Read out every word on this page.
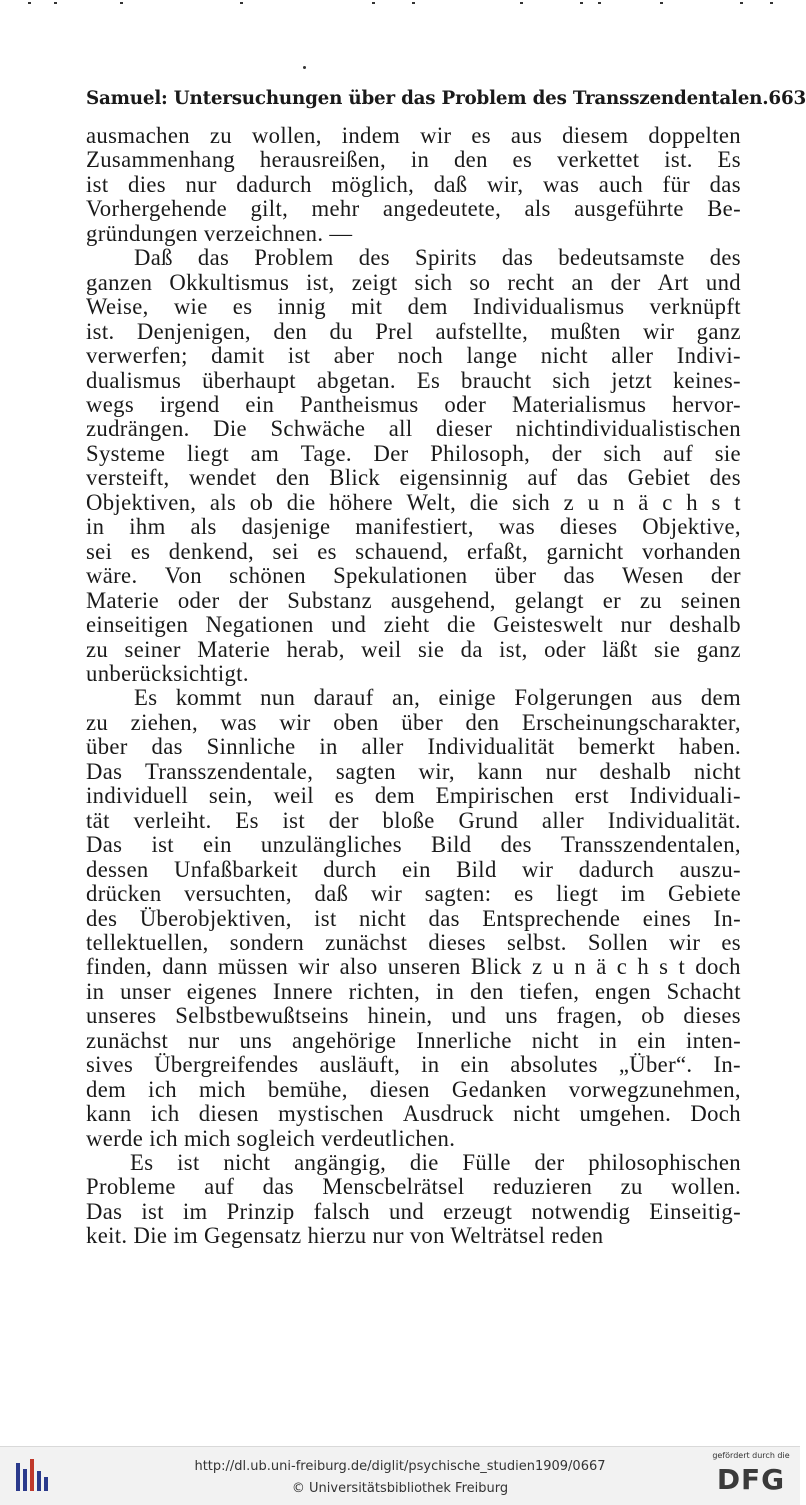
Samuel: Untersuchungen über das Problem des Transszendentalen. 663
ausmachen zu wollen, indem wir es aus diesem doppelten
Zusammenhang herausreißen, in den es verkettet ist. Es
ist dies nur dadurch möglich, daß wir, was auch für das
Vorhergehende gilt, mehr angedeutete, als ausgeführte Be-
gründungen verzeichnen. —
Daß das Problem des Spirits das bedeutsamste des
ganzen Okkultismus ist, zeigt sich so recht an der Art und
Weise, wie es innig mit dem Individualismus verknüpft
ist. Denjenigen, den du Prel aufstellte, mußten wir ganz
verwerfen; damit ist aber noch lange nicht aller Indivi-
dualismus überhaupt abgetan. Es braucht sich jetzt keines-
wegs irgend ein Pantheismus oder Materialismus hervor-
zudrängen. Die Schwäche all dieser nichtindividualistischen
Systeme liegt am Tage. Der Philosoph, der sich auf sie
versteift, wendet den Blick eigensinnig auf das Gebiet des
Objektiven, als ob die höhere Welt, die sich z u n ä c h s t
in ihm als dasjenige manifestiert, was dieses Objektive,
sei es denkend, sei es schauend, erfaßt, garnicht vorhanden
wäre. Von schönen Spekulationen über das Wesen der
Materie oder der Substanz ausgehend, gelangt er zu seinen
einseitigen Negationen und zieht die Geisteswelt nur deshalb
zu seiner Materie herab, weil sie da ist, oder läßt sie ganz
unberücksichtigt.
Es kommt nun darauf an, einige Folgerungen aus dem
zu ziehen, was wir oben über den Erscheinungscharakter,
über das Sinnliche in aller Individualität bemerkt haben.
Das Transszendentale, sagten wir, kann nur deshalb nicht
individuell sein, weil es dem Empirischen erst Individuali-
tät verleiht. Es ist der bloße Grund aller Individualität.
Das ist ein unzulängliches Bild des Transszendentalen,
dessen Unfaßbarkeit durch ein Bild wir dadurch auszu-
drücken versuchten, daß wir sagten: es liegt im Gebiete
des Überobjektiven, ist nicht das Entsprechende eines In-
tellektuellen, sondern zunächst dieses selbst. Sollen wir es
finden, dann müssen wir also unseren Blick z u n ä c h s t doch
in unser eigenes Innere richten, in den tiefen, engen Schacht
unseres Selbstbewußtseins hinein, und uns fragen, ob dieses
zunächst nur uns angehörige Innerliche nicht in ein inten-
sives Übergreifendes ausläuft, in ein absolutes „Über“. In-
dem ich mich bemühe, diesen Gedanken vorwegzunehmen,
kann ich diesen mystischen Ausdruck nicht umgehen. Doch
werde ich mich sogleich verdeutlichen.
Es ist nicht angängig, die Fülle der philosophischen
Probleme auf das Menscbelrätsel reduzieren zu wollen.
Das ist im Prinzip falsch und erzeugt notwendig Einseitig-
keit. Die im Gegensatz hierzu nur von Welträtsel reden
http://dl.ub.uni-freiburg.de/diglit/psychische_studien1909/0667
© Universitätsbibliothek Freiburg
gefördert durch die
DFG
